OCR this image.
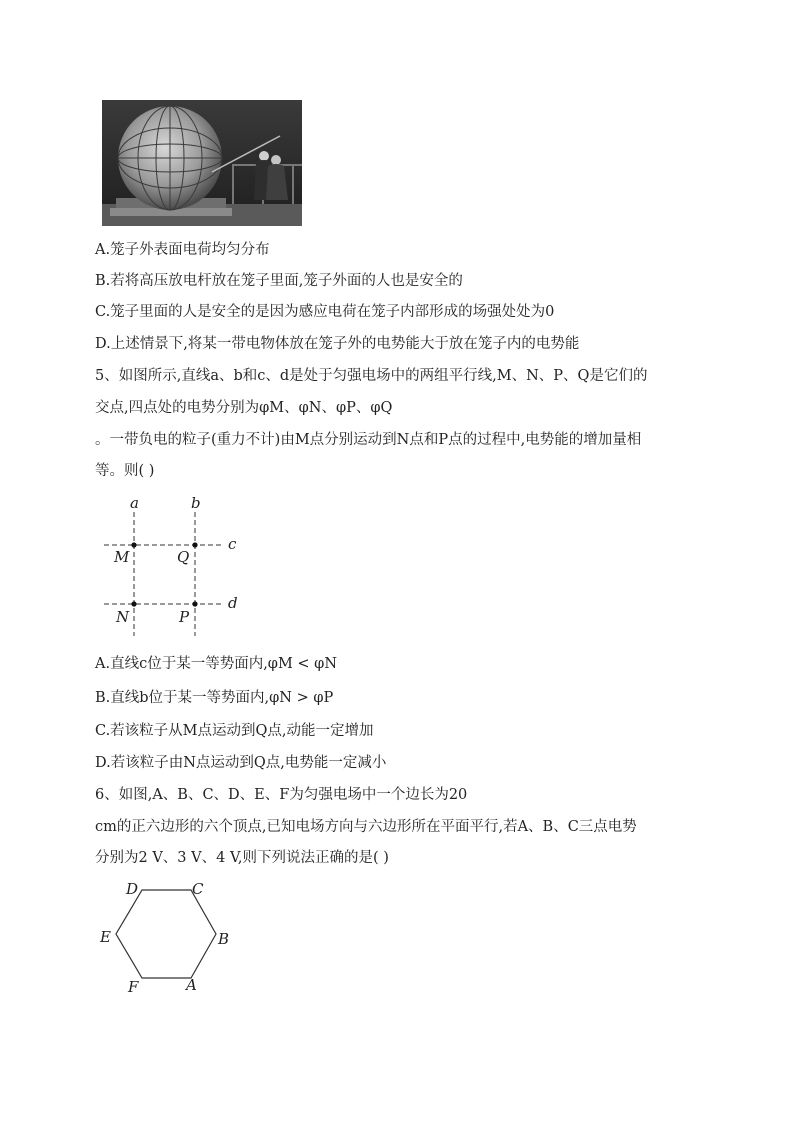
A.笼子外表面电荷均匀分布
B.若将高压放电杆放在笼子里面,笼子外面的人也是安全的
C.笼子里面的人是安全的是因为感应电荷在笼子内部形成的场强处处为0
D.上述情景下,将某一带电物体放在笼子外的电势能大于放在笼子内的电势能
5、如图所示,直线a、b和c、d是处于匀强电场中的两组平行线,M、N、P、Q是它们的
交点,四点处的电势分别为φM、φN、φP、φQ
。一带负电的粒子(重力不计)由M点分别运动到N点和P点的过程中,电势能的增加量相
等。则( )
a	b
c
d
M	Q
N	P
A.直线c位于某一等势面内,φM < φN
B.直线b位于某一等势面内,φN > φP
C.若该粒子从M点运动到Q点,动能一定增加
D.若该粒子由N点运动到Q点,电势能一定减小
6、如图,A、B、C、D、E、F为匀强电场中一个边长为20
cm的正六边形的六个顶点,已知电场方向与六边形所在平面平行,若A、B、C三点电势
分别为2 V、3 V、4 V,则下列说法正确的是( )
D	C
B
E
F	A
